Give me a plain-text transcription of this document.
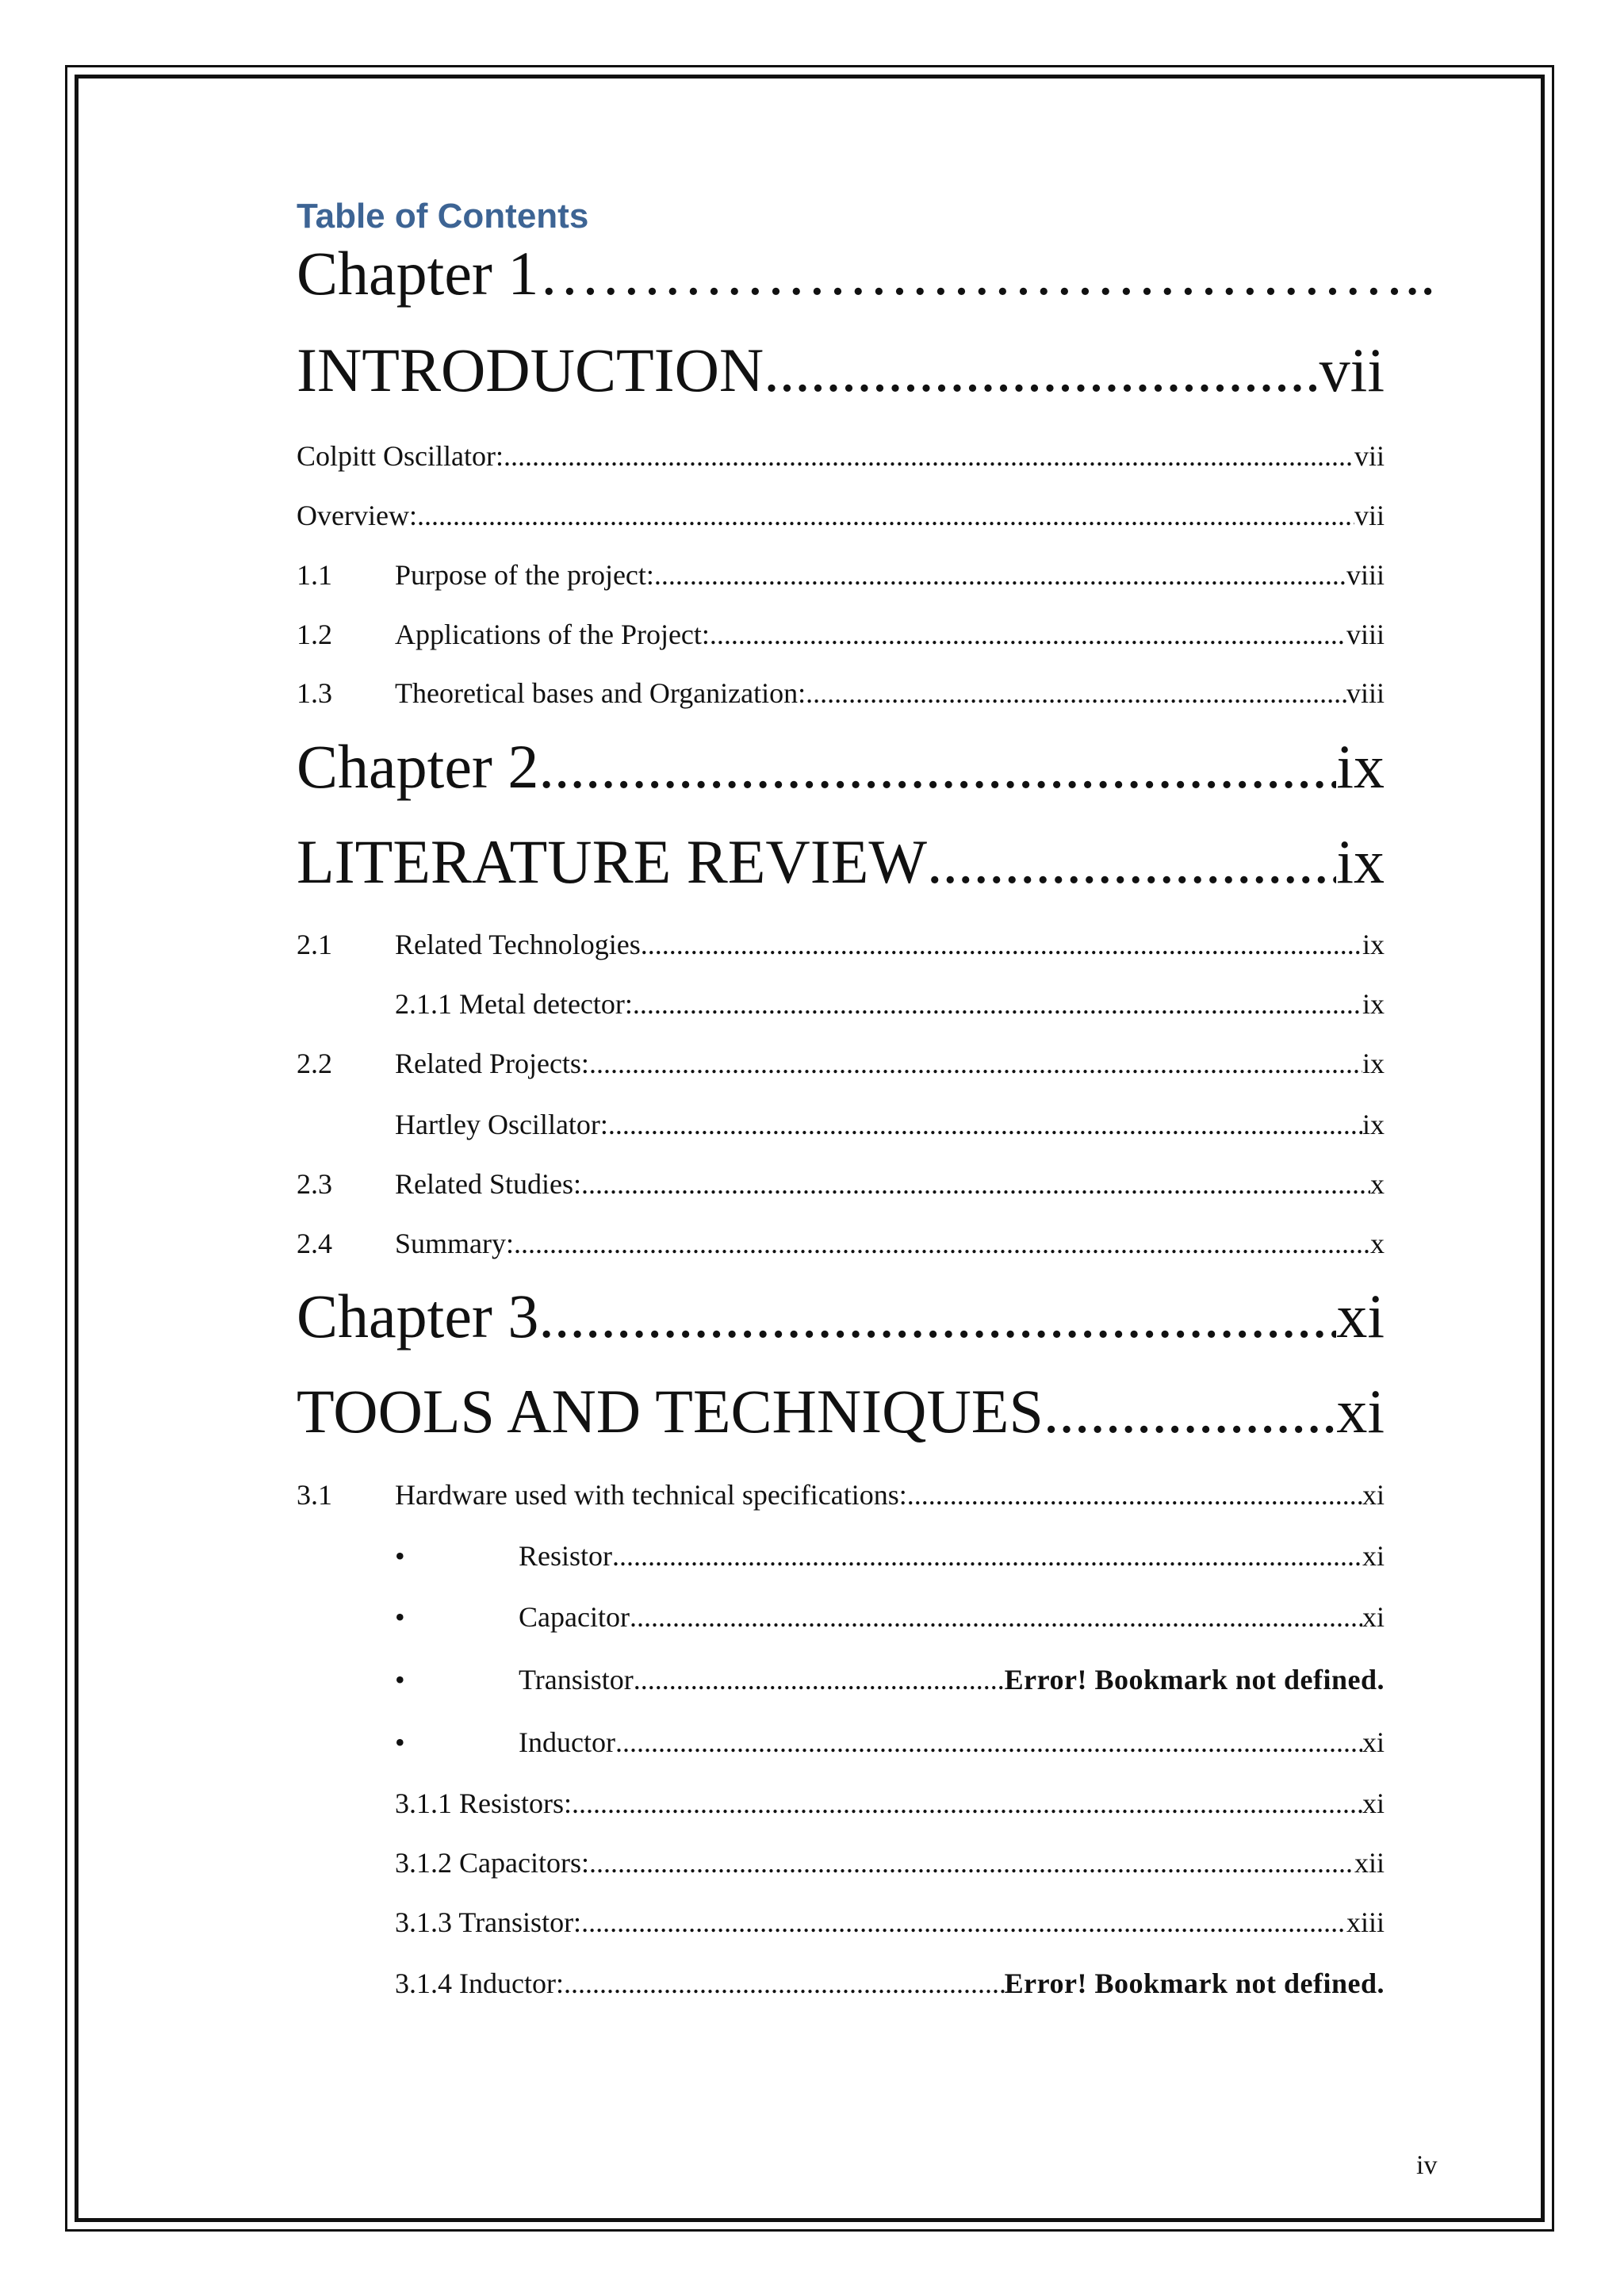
Table of Contents
Chapter 1……………………………………..
INTRODUCTION .....	vii
Colpitt Oscillator: .....	vii
Overview: .....	vii
1.1	Purpose of the project: .....	viii
1.2	Applications of the Project: .....	viii
1.3	Theoretical bases and Organization: .....	viii
Chapter 2 .....	ix
LITERATURE REVIEW .....	ix
2.1	Related Technologies. .....	ix
2.1.1 Metal detector: .....	ix
2.2	Related Projects: .....	ix
Hartley Oscillator: .....	ix
2.3	Related Studies: .....	x
2.4	Summary: .....	x
Chapter 3 .....	xi
TOOLS AND TECHNIQUES .....	xi
3.1	Hardware used with technical specifications: .....	xi
•	Resistor .....	xi
•	Capacitor .....	xi
•	Transistor .....	Error! Bookmark not defined.
•	Inductor .....	xi
3.1.1 Resistors: .....	xi
3.1.2 Capacitors: .....	xii
3.1.3 Transistor: .....	xiii
3.1.4 Inductor: .....	Error! Bookmark not defined.
iv
